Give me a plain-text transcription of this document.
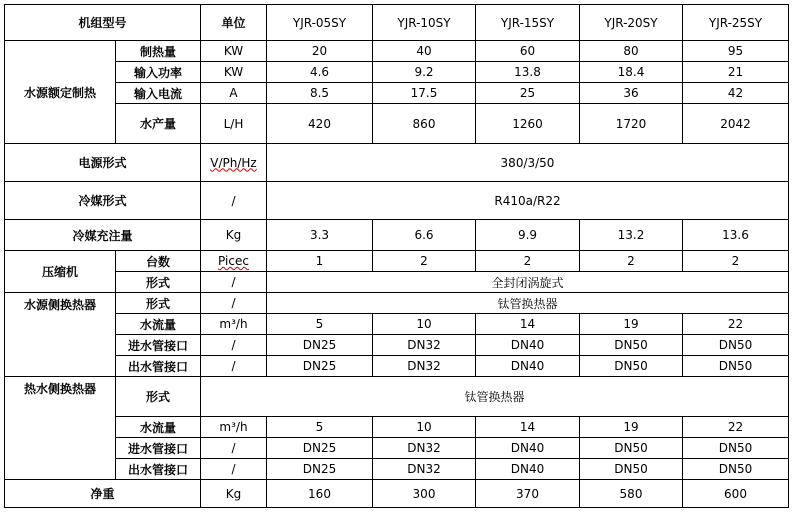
机组型号		单位	YJR-05SY	YJR-10SY	YJR-15SY	YJR-20SY	YJR-25SY
水源额定制热	制热量	KW	20	40	60	80	95
	输入功率	KW	4.6	9.2	13.8	18.4	21
	输入电流	A	8.5	17.5	25	36	42
	水产量	L/H	420	860	1260	1720	2042
电源形式		V/Ph/Hz	380/3/50				
冷媒形式		/	R410a/R22				
冷媒充注量		Kg	3.3	6.6	9.9	13.2	13.6
压缩机	台数	Picec	1	2	2	2	2
	形式	/	全封闭涡旋式				
水源侧换热器	形式	/	钛管换热器				
	水流量	m³/h	5	10	14	19	22
	进水管接口	/	DN25	DN32	DN40	DN50	DN50
	出水管接口	/	DN25	DN32	DN40	DN50	DN50
热水侧换热器	形式	钛管换热器					
	水流量	m³/h	5	10	14	19	22
	进水管接口	/	DN25	DN32	DN40	DN50	DN50
	出水管接口	/	DN25	DN32	DN40	DN50	DN50
净重		Kg	160	300	370	580	600
